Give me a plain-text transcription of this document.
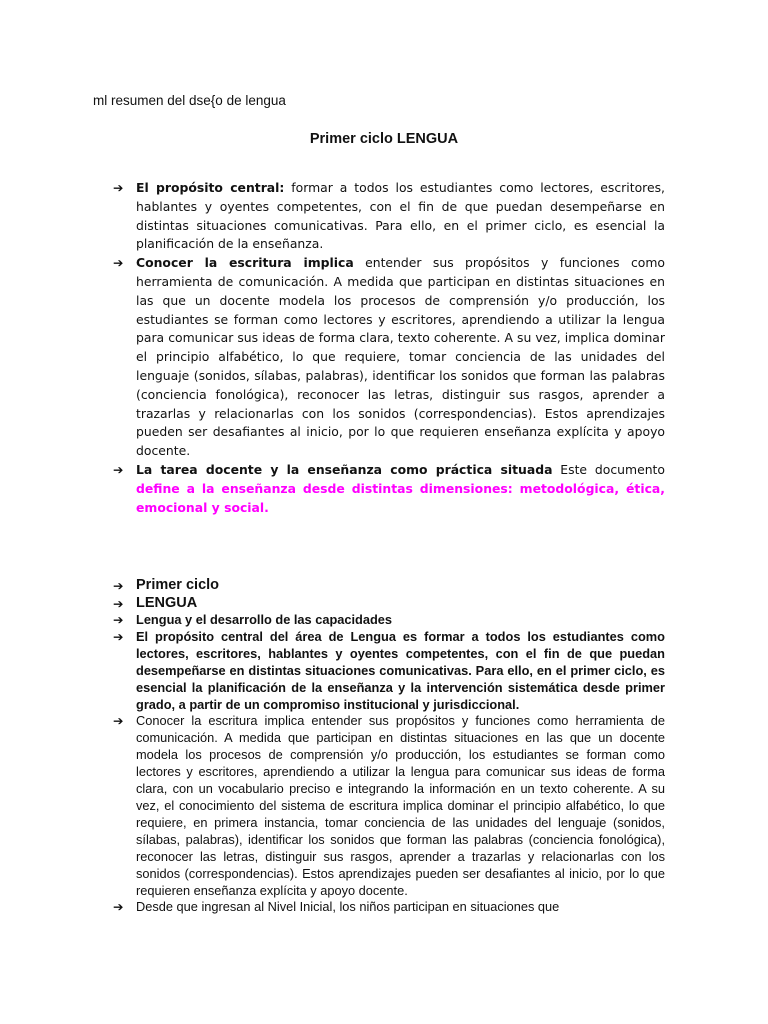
ml resumen del dse{o de lengua
Primer ciclo LENGUA
➔ El propósito central: formar a todos los estudiantes como lectores, escritores, hablantes y oyentes competentes, con el fin de que puedan desempeñarse en distintas situaciones comunicativas. Para ello, en el primer ciclo, es esencial la planificación de la enseñanza.
➔ Conocer la escritura implica entender sus propósitos y funciones como herramienta de comunicación. A medida que participan en distintas situaciones en las que un docente modela los procesos de comprensión y/o producción, los estudiantes se forman como lectores y escritores, aprendiendo a utilizar la lengua para comunicar sus ideas de forma clara, texto coherente. A su vez, implica dominar el principio alfabético, lo que requiere, tomar conciencia de las unidades del lenguaje (sonidos, sílabas, palabras), identificar los sonidos que forman las palabras (conciencia fonológica), reconocer las letras, distinguir sus rasgos, aprender a trazarlas y relacionarlas con los sonidos (correspondencias). Estos aprendizajes pueden ser desafiantes al inicio, por lo que requieren enseñanza explícita y apoyo docente.
➔ La tarea docente y la enseñanza como práctica situada Este documento define a la enseñanza desde distintas dimensiones: metodológica, ética, emocional y social.
➔ Primer ciclo
➔ LENGUA
➔ Lengua y el desarrollo de las capacidades
➔ El propósito central del área de Lengua es formar a todos los estudiantes como lectores, escritores, hablantes y oyentes competentes, con el fin de que puedan desempeñarse en distintas situaciones comunicativas. Para ello, en el primer ciclo, es esencial la planificación de la enseñanza y la intervención sistemática desde primer grado, a partir de un compromiso institucional y jurisdiccional.
➔ Conocer la escritura implica entender sus propósitos y funciones como herramienta de comunicación. A medida que participan en distintas situaciones en las que un docente modela los procesos de comprensión y/o producción, los estudiantes se forman como lectores y escritores, aprendiendo a utilizar la lengua para comunicar sus ideas de forma clara, con un vocabulario preciso e integrando la información en un texto coherente. A su vez, el conocimiento del sistema de escritura implica dominar el principio alfabético, lo que requiere, en primera instancia, tomar conciencia de las unidades del lenguaje (sonidos, sílabas, palabras), identificar los sonidos que forman las palabras (conciencia fonológica), reconocer las letras, distinguir sus rasgos, aprender a trazarlas y relacionarlas con los sonidos (correspondencias). Estos aprendizajes pueden ser desafiantes al inicio, por lo que requieren enseñanza explícita y apoyo docente.
➔ Desde que ingresan al Nivel Inicial, los niños participan en situaciones que
